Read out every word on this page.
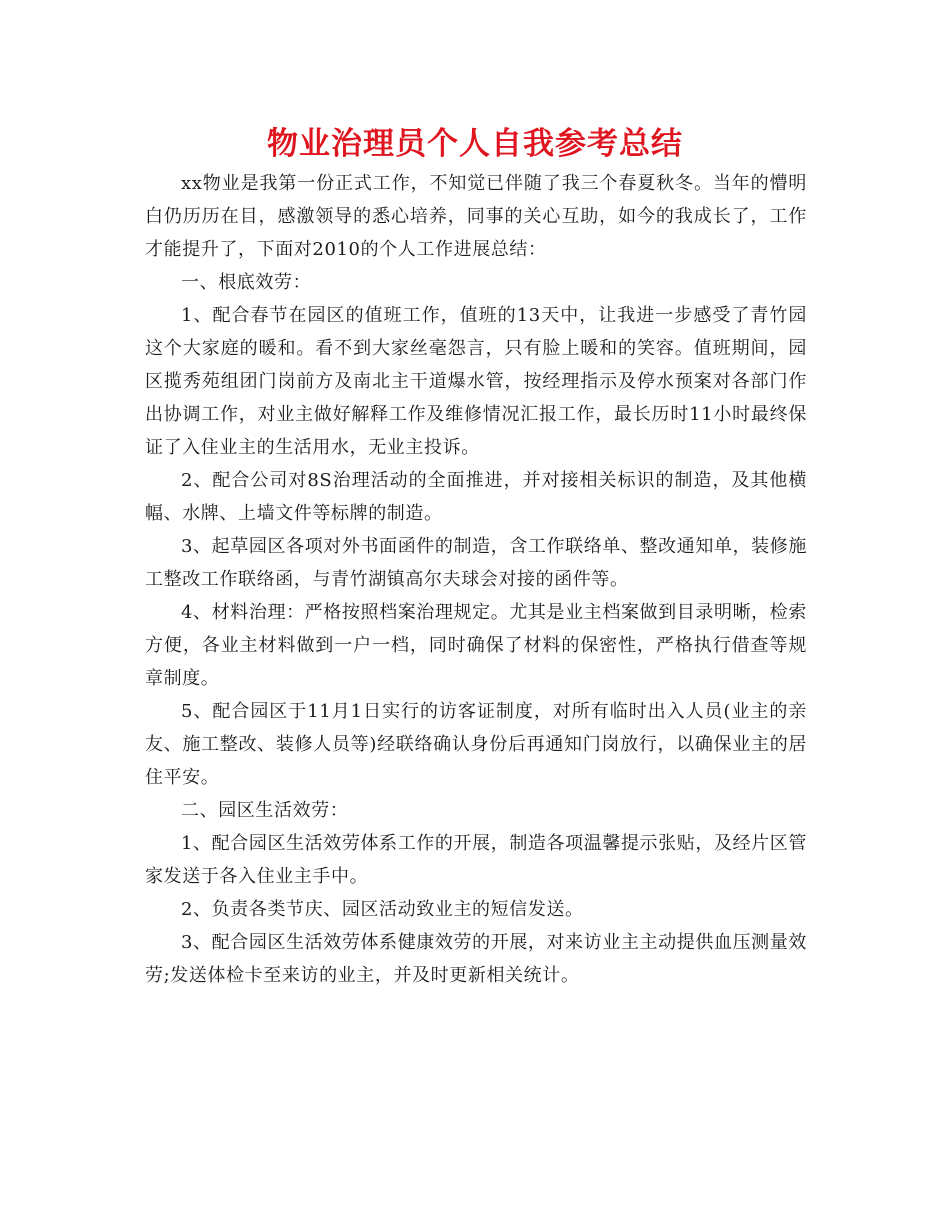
物业治理员个人自我参考总结

xx物业是我第一份正式工作，不知觉已伴随了我三个春夏秋冬。当年的懵明白仍历历在目，感激领导的悉心培养，同事的关心互助，如今的我成长了，工作才能提升了，下面对2010的个人工作进展总结：

一、根底效劳：

1、配合春节在园区的值班工作，值班的13天中，让我进一步感受了青竹园这个大家庭的暖和。看不到大家丝毫怨言，只有脸上暖和的笑容。值班期间，园区揽秀苑组团门岗前方及南北主干道爆水管，按经理指示及停水预案对各部门作出协调工作，对业主做好解释工作及维修情况汇报工作，最长历时11小时最终保证了入住业主的生活用水，无业主投诉。

2、配合公司对8S治理活动的全面推进，并对接相关标识的制造，及其他横幅、水牌、上墙文件等标牌的制造。

3、起草园区各项对外书面函件的制造，含工作联络单、整改通知单，装修施工整改工作联络函，与青竹湖镇高尔夫球会对接的函件等。

4、材料治理：严格按照档案治理规定。尤其是业主档案做到目录明晰，检索方便，各业主材料做到一户一档，同时确保了材料的保密性，严格执行借查等规章制度。

5、配合园区于11月1日实行的访客证制度，对所有临时出入人员(业主的亲友、施工整改、装修人员等)经联络确认身份后再通知门岗放行，以确保业主的居住平安。

二、园区生活效劳：

1、配合园区生活效劳体系工作的开展，制造各项温馨提示张贴，及经片区管家发送于各入住业主手中。

2、负责各类节庆、园区活动致业主的短信发送。

3、配合园区生活效劳体系健康效劳的开展，对来访业主主动提供血压测量效劳;发送体检卡至来访的业主，并及时更新相关统计。
